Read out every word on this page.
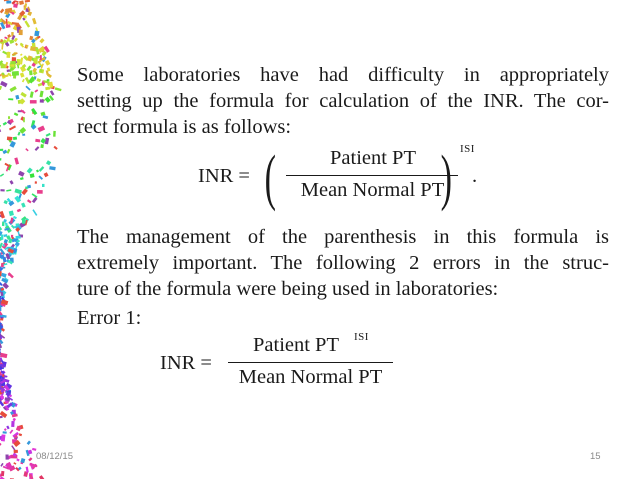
Some laboratories have had difficulty in appropriately
setting up the formula for calculation of the INR. The cor-
rect formula is as follows:
INR = (	Patient PT
Mean Normal PT
) ISI
.
The management of the parenthesis in this formula is
extremely important. The following 2 errors in the struc-
ture of the formula were being used in laboratories:

Error 1:

INR =
Patient PT ISI
Mean Normal PT
08/12/15	15
